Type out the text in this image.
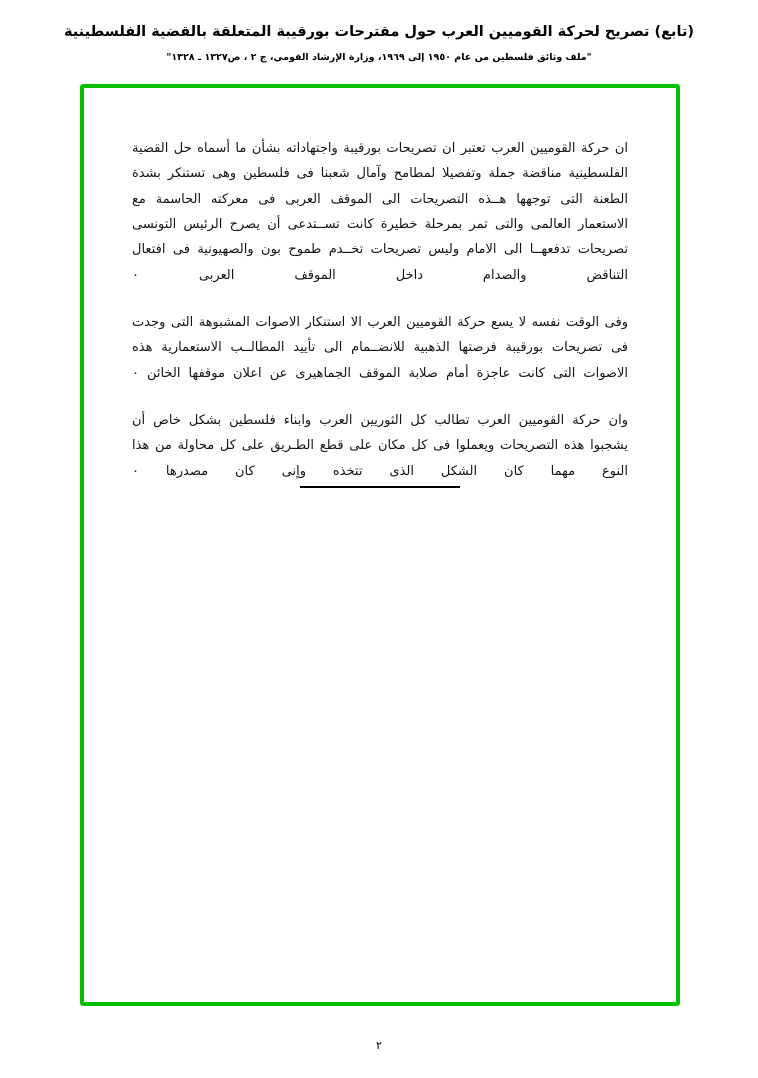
(تابع) تصريح لحركة القوميين العرب حول مقترحات بورقيبة المتعلقة بالقضية الفلسطينية
"ملف وثائق فلسطين من عام ١٩٥٠ إلى ١٩٦٩، وزارة الإرشاد القومي، ج ٢ ، ص١٣٢٧ ـ ١٣٢٨"

ان حركة القوميين العرب تعتبر ان تصريحات بورقيبة واجتهاداته بشأن ما أسماه حل القضية الفلسطينية مناقضة جملة وتفصيلا لمطامح وآمال شعبنا فى فلسطين وهى تستنكر بشدة الطعنة التى توجهها هــذه التصريحات الى الموقف العربى فى معركته الحاسمة مع الاستعمار العالمى والتى تمر بمرحلة خطيرة كانت تســتدعى أن يصرح الرئيس التونسى تصريحات تدفعهــا الى الامام وليس تصريحات تخــدم طموح بون والصهيونية فى افتعال التناقض والصدام داخل الموقف العربى ٠

وفى الوقت نفسه لا يسع حركة القوميين العرب الا استنكار الاصوات المشبوهة التى وجدت فى تصريحات بورقيبة فرصتها الذهبية للانضــمام الى تأييد المطالــب الاستعمارية هذه الاصوات التى كانت عاجزة أمام صلابة الموقف الجماهيرى عن اعلان موقفها الخائن ٠

وان حركة القوميين العرب تطالب كل الثوريين العرب وابناء فلسطين بشكل خاص أن يشجبوا هذه التصريحات ويعملوا فى كل مكان على قطع الطـريق على كل محاولة من هذا النوع مهما كان الشكل الذى تتخذه واٍنى كان مصدرها ٠

٢
